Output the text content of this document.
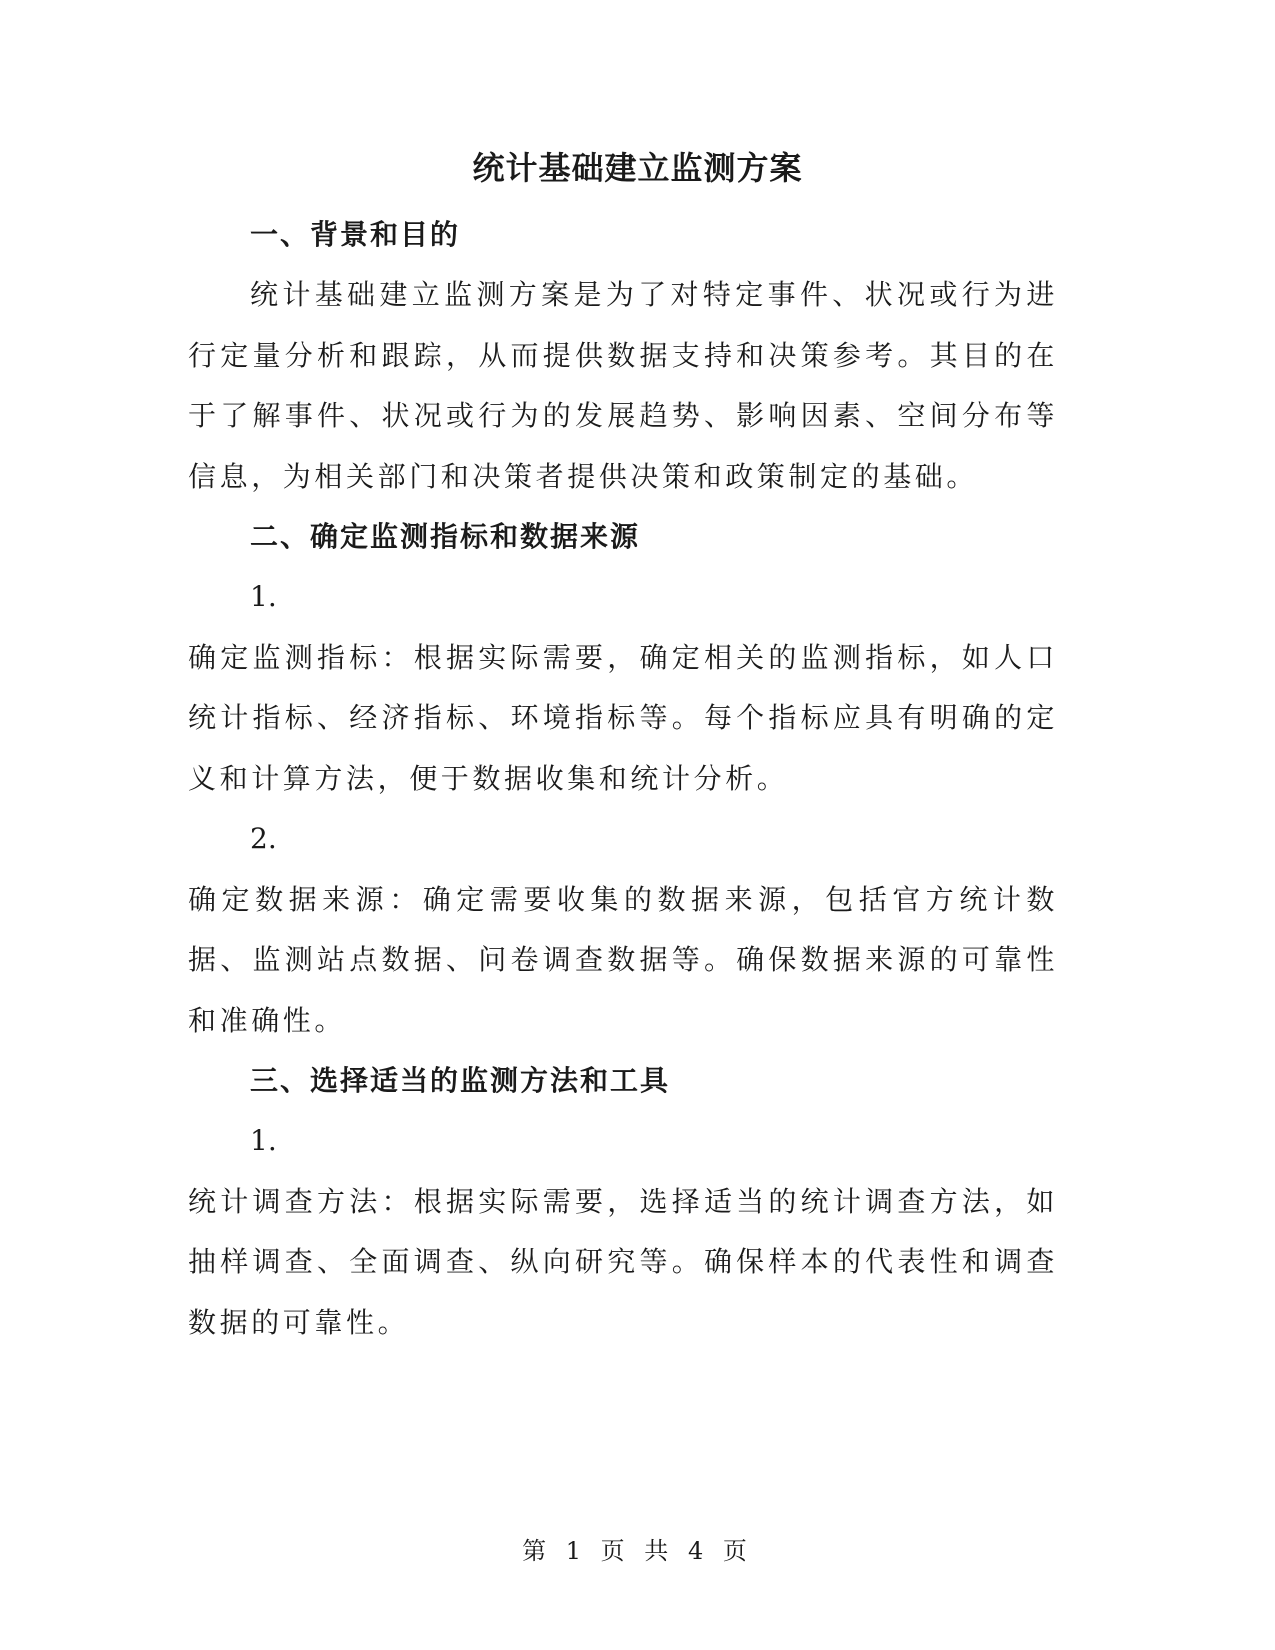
统计基础建立监测方案
一、背景和目的

统计基础建立监测方案是为了对特定事件、状况或行为进行定量分析和跟踪，从而提供数据支持和决策参考。其目的在于了解事件、状况或行为的发展趋势、影响因素、空间分布等信息，为相关部门和决策者提供决策和政策制定的基础。

二、确定监测指标和数据来源

1.

确定监测指标：根据实际需要，确定相关的监测指标，如人口统计指标、经济指标、环境指标等。每个指标应具有明确的定义和计算方法，便于数据收集和统计分析。

2.

确定数据来源：确定需要收集的数据来源，包括官方统计数据、监测站点数据、问卷调查数据等。确保数据来源的可靠性和准确性。

三、选择适当的监测方法和工具

1.

统计调查方法：根据实际需要，选择适当的统计调查方法，如抽样调查、全面调查、纵向研究等。确保样本的代表性和调查数据的可靠性。

第 1 页 共 4 页
